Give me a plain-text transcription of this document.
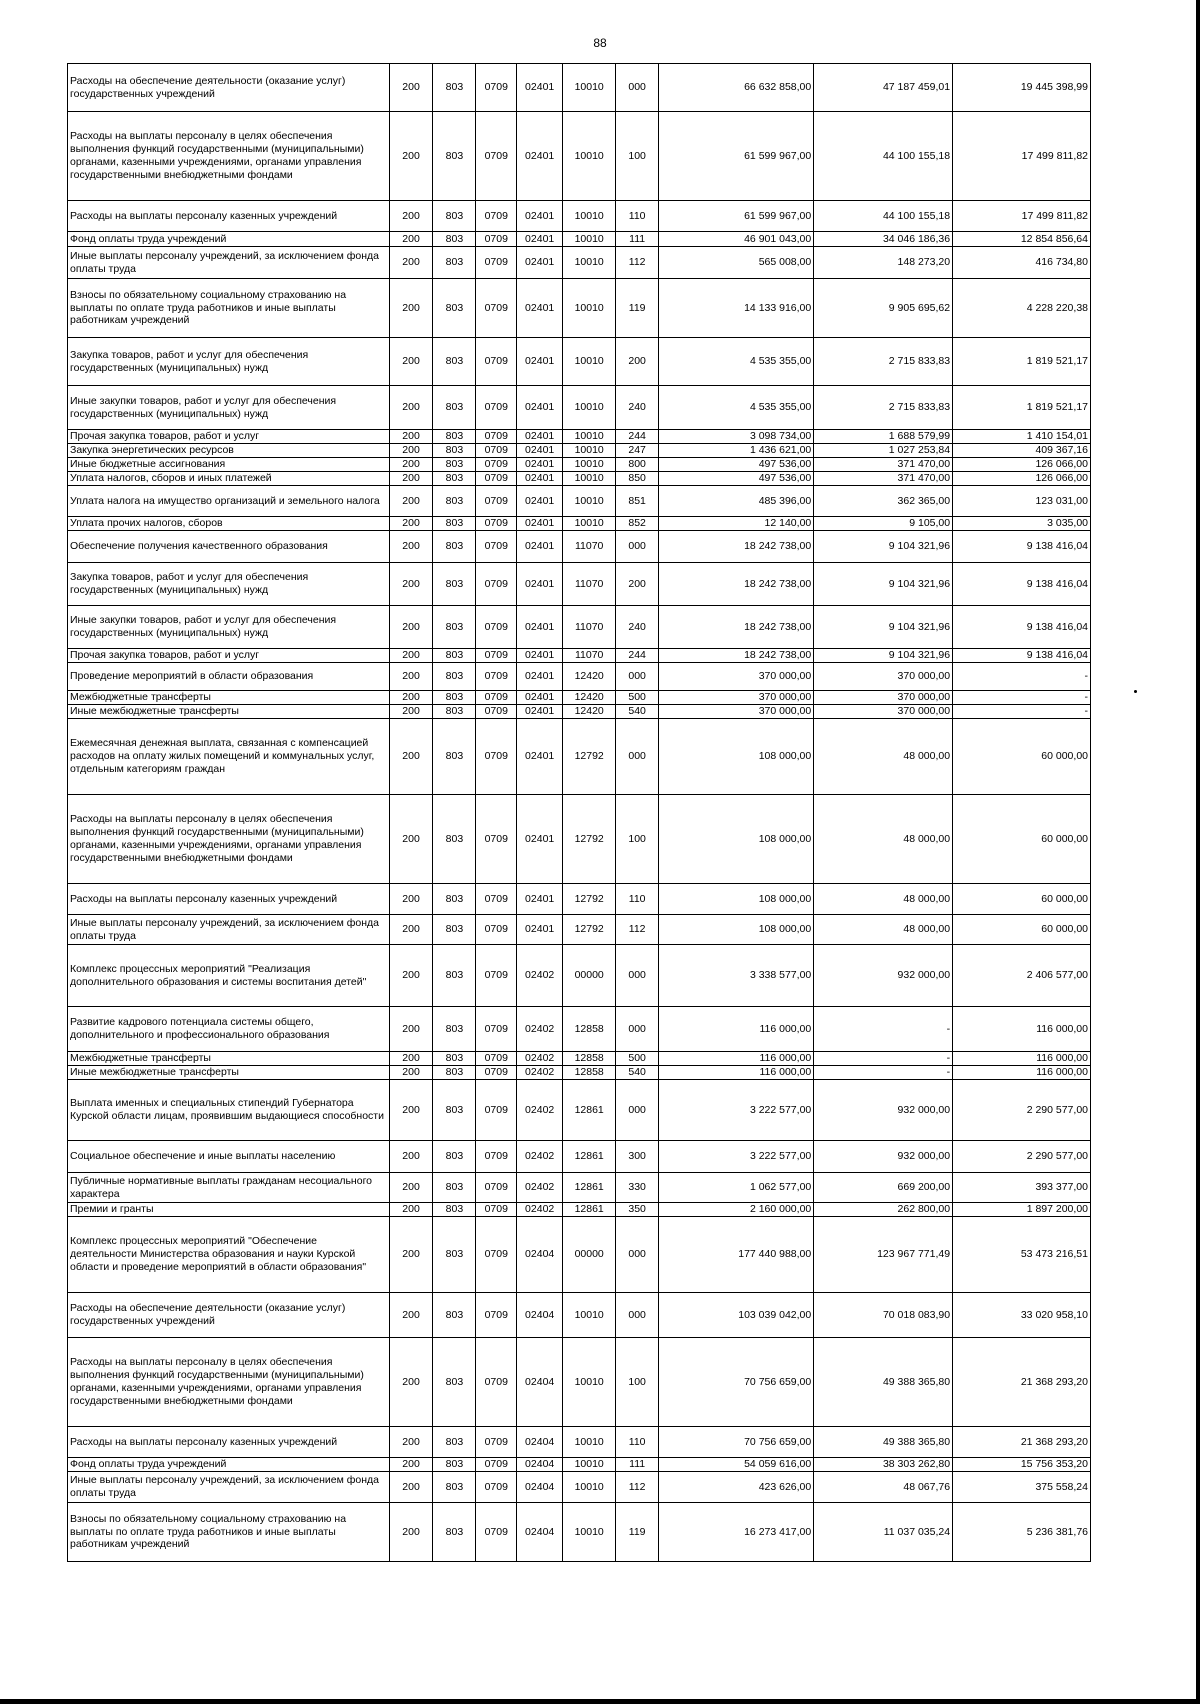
88
Расходы на обеспечение деятельности (оказание услуг) государственных учреждений	200	803	0709	02401	10010	000	66 632 858,00	47 187 459,01	19 445 398,99
Расходы на выплаты персоналу в целях обеспечения выполнения функций государственными (муниципальными) органами, казенными учреждениями, органами управления государственными внебюджетными фондами	200	803	0709	02401	10010	100	61 599 967,00	44 100 155,18	17 499 811,82
Расходы на выплаты персоналу казенных учреждений	200	803	0709	02401	10010	110	61 599 967,00	44 100 155,18	17 499 811,82
Фонд оплаты труда учреждений	200	803	0709	02401	10010	111	46 901 043,00	34 046 186,36	12 854 856,64
Иные выплаты персоналу учреждений, за исключением фонда оплаты труда	200	803	0709	02401	10010	112	565 008,00	148 273,20	416 734,80
Взносы по обязательному социальному страхованию на выплаты по оплате труда работников и иные выплаты работникам учреждений	200	803	0709	02401	10010	119	14 133 916,00	9 905 695,62	4 228 220,38
Закупка товаров, работ и услуг для обеспечения государственных (муниципальных) нужд	200	803	0709	02401	10010	200	4 535 355,00	2 715 833,83	1 819 521,17
Иные закупки товаров, работ и услуг для обеспечения государственных (муниципальных) нужд	200	803	0709	02401	10010	240	4 535 355,00	2 715 833,83	1 819 521,17
Прочая закупка товаров, работ и услуг	200	803	0709	02401	10010	244	3 098 734,00	1 688 579,99	1 410 154,01
Закупка энергетических ресурсов	200	803	0709	02401	10010	247	1 436 621,00	1 027 253,84	409 367,16
Иные бюджетные ассигнования	200	803	0709	02401	10010	800	497 536,00	371 470,00	126 066,00
Уплата налогов, сборов и иных платежей	200	803	0709	02401	10010	850	497 536,00	371 470,00	126 066,00
Уплата налога на имущество организаций и земельного налога	200	803	0709	02401	10010	851	485 396,00	362 365,00	123 031,00
Уплата прочих налогов, сборов	200	803	0709	02401	10010	852	12 140,00	9 105,00	3 035,00
Обеспечение получения качественного образования	200	803	0709	02401	11070	000	18 242 738,00	9 104 321,96	9 138 416,04
Закупка товаров, работ и услуг для обеспечения государственных (муниципальных) нужд	200	803	0709	02401	11070	200	18 242 738,00	9 104 321,96	9 138 416,04
Иные закупки товаров, работ и услуг для обеспечения государственных (муниципальных) нужд	200	803	0709	02401	11070	240	18 242 738,00	9 104 321,96	9 138 416,04
Прочая закупка товаров, работ и услуг	200	803	0709	02401	11070	244	18 242 738,00	9 104 321,96	9 138 416,04
Проведение мероприятий в области образования	200	803	0709	02401	12420	000	370 000,00	370 000,00	-
Межбюджетные трансферты	200	803	0709	02401	12420	500	370 000,00	370 000,00	-
Иные межбюджетные трансферты	200	803	0709	02401	12420	540	370 000,00	370 000,00	-
Ежемесячная денежная выплата, связанная с компенсацией расходов на оплату жилых помещений и коммунальных услуг, отдельным категориям граждан	200	803	0709	02401	12792	000	108 000,00	48 000,00	60 000,00
Расходы на выплаты персоналу в целях обеспечения выполнения функций государственными (муниципальными) органами, казенными учреждениями, органами управления государственными внебюджетными фондами	200	803	0709	02401	12792	100	108 000,00	48 000,00	60 000,00
Расходы на выплаты персоналу казенных учреждений	200	803	0709	02401	12792	110	108 000,00	48 000,00	60 000,00
Иные выплаты персоналу учреждений, за исключением фонда оплаты труда	200	803	0709	02401	12792	112	108 000,00	48 000,00	60 000,00
Комплекс процессных мероприятий "Реализация дополнительного образования и системы воспитания детей"	200	803	0709	02402	00000	000	3 338 577,00	932 000,00	2 406 577,00
Развитие кадрового потенциала системы общего, дополнительного и профессионального образования	200	803	0709	02402	12858	000	116 000,00	-	116 000,00
Межбюджетные трансферты	200	803	0709	02402	12858	500	116 000,00	-	116 000,00
Иные межбюджетные трансферты	200	803	0709	02402	12858	540	116 000,00	-	116 000,00
Выплата именных и специальных стипендий Губернатора Курской области лицам, проявившим выдающиеся способности	200	803	0709	02402	12861	000	3 222 577,00	932 000,00	2 290 577,00
Социальное обеспечение и иные выплаты населению	200	803	0709	02402	12861	300	3 222 577,00	932 000,00	2 290 577,00
Публичные нормативные выплаты гражданам несоциального характера	200	803	0709	02402	12861	330	1 062 577,00	669 200,00	393 377,00
Премии и гранты	200	803	0709	02402	12861	350	2 160 000,00	262 800,00	1 897 200,00
Комплекс процессных мероприятий "Обеспечение деятельности Министерства образования и науки Курской области и проведение мероприятий в области образования"	200	803	0709	02404	00000	000	177 440 988,00	123 967 771,49	53 473 216,51
Расходы на обеспечение деятельности (оказание услуг) государственных учреждений	200	803	0709	02404	10010	000	103 039 042,00	70 018 083,90	33 020 958,10
Расходы на выплаты персоналу в целях обеспечения выполнения функций государственными (муниципальными) органами, казенными учреждениями, органами управления государственными внебюджетными фондами	200	803	0709	02404	10010	100	70 756 659,00	49 388 365,80	21 368 293,20
Расходы на выплаты персоналу казенных учреждений	200	803	0709	02404	10010	110	70 756 659,00	49 388 365,80	21 368 293,20
Фонд оплаты труда учреждений	200	803	0709	02404	10010	111	54 059 616,00	38 303 262,80	15 756 353,20
Иные выплаты персоналу учреждений, за исключением фонда оплаты труда	200	803	0709	02404	10010	112	423 626,00	48 067,76	375 558,24
Взносы по обязательному социальному страхованию на выплаты по оплате труда работников и иные выплаты работникам учреждений	200	803	0709	02404	10010	119	16 273 417,00	11 037 035,24	5 236 381,76
